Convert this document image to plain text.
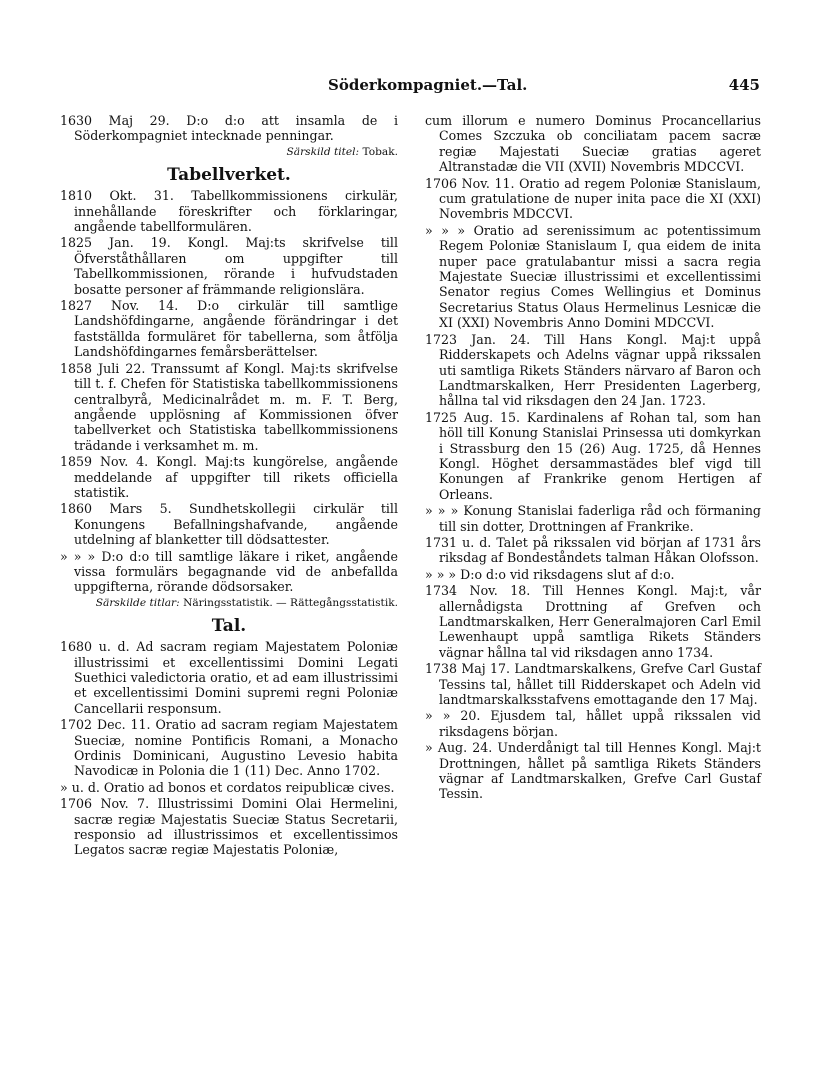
Söderkompagniet.—Tal.	445

1630 Maj 29. D:o d:o att insamla de i Söderkompagniet intecknade penningar.

Särskild titel: Tobak.

Tabellverket.

1810 Okt. 31. Tabellkommissionens cirkulär, innehållande föreskrifter och förklaringar, angående tabellformulären.

1825 Jan. 19. Kongl. Maj:ts skrifvelse till Öfverståthållaren om uppgifter till Tabellkommissionen, rörande i hufvudstaden bosatte personer af främmande religionslära.

1827 Nov. 14. D:o cirkulär till samtlige Landshöfdingarne, angående förändringar i det fastställda formuläret för tabellerna, som åtfölja Landshöfdingarnes femårsberättelser.

1858 Juli 22. Transsumt af Kongl. Maj:ts skrifvelse till t. f. Chefen för Statistiska tabellkommissionens centralbyrå, Medicinalrådet m. m. F. T. Berg, angående upplösning af Kommissionen öfver tabellverket och Statistiska tabellkommissionens trädande i verksamhet m. m.

1859 Nov. 4. Kongl. Maj:ts kungörelse, angående meddelande af uppgifter till rikets officiella statistik.

1860 Mars 5. Sundhetskollegii cirkulär till Konungens Befallningshafvande, angående utdelning af blanketter till dödsattester.

» » » D:o d:o till samtlige läkare i riket, angående vissa formulärs begagnande vid de anbefallda uppgifterna, rörande dödsorsaker.

Särskilde titlar: Näringsstatistik. — Rättegångsstatistik.

Tal.

1680 u. d. Ad sacram regiam Majestatem Poloniæ illustrissimi et excellentissimi Domini Legati Suethici valedictoria oratio, et ad eam illustrissimi et excellentissimi Domini supremi regni Poloniæ Cancellarii responsum.

1702 Dec. 11. Oratio ad sacram regiam Majestatem Sueciæ, nomine Pontificis Romani, a Monacho Ordinis Dominicani, Augustino Levesio habita Navodicæ in Polonia die 1 (11) Dec. Anno 1702.

» u. d. Oratio ad bonos et cordatos reipublicæ cives.

1706 Nov. 7. Illustrissimi Domini Olai Hermelini, sacræ regiæ Majestatis Sueciæ Status Secretarii, responsio ad illustrissimos et excellentissimos Legatos sacræ regiæ Majestatis Poloniæ,

cum illorum e numero Dominus Procancellarius Comes Szczuka ob conciliatam pacem sacræ regiæ Majestati Sueciæ gratias ageret Altranstadæ die VII (XVII) Novembris MDCCVI.

1706 Nov. 11. Oratio ad regem Poloniæ Stanislaum, cum gratulatione de nuper inita pace die XI (XXI) Novembris MDCCVI.

» » » Oratio ad serenissimum ac potentissimum Regem Poloniæ Stanislaum I, qua eidem de inita nuper pace gratulabantur missi a sacra regia Majestate Sueciæ illustrissimi et excellentissimi Senator regius Comes Wellingius et Dominus Secretarius Status Olaus Hermelinus Lesnicæ die XI (XXI) Novembris Anno Domini MDCCVI.

1723 Jan. 24. Till Hans Kongl. Maj:t uppå Ridderskapets och Adelns vägnar uppå rikssalen uti samtliga Rikets Ständers närvaro af Baron och Landtmarskalken, Herr Presidenten Lagerberg, hållna tal vid riksdagen den 24 Jan. 1723.

1725 Aug. 15. Kardinalens af Rohan tal, som han höll till Konung Stanislai Prinsessa uti domkyrkan i Strassburg den 15 (26) Aug. 1725, då Hennes Kongl. Höghet dersammastädes blef vigd till Konungen af Frankrike genom Hertigen af Orleans.

» » » Konung Stanislai faderliga råd och förmaning till sin dotter, Drottningen af Frankrike.

1731 u. d. Talet på rikssalen vid början af 1731 års riksdag af Bondeståndets talman Håkan Olofsson.

» » » D:o d:o vid riksdagens slut af d:o.

1734 Nov. 18. Till Hennes Kongl. Maj:t, vår allernådigsta Drottning af Grefven och Landtmarskalken, Herr Generalmajoren Carl Emil Lewenhaupt uppå samtliga Rikets Ständers vägnar hållna tal vid riksdagen anno 1734.

1738 Maj 17. Landtmarskalkens, Grefve Carl Gustaf Tessins tal, hållet till Ridderskapet och Adeln vid landtmarskalksstafvens emottagande den 17 Maj.

» » 20. Ejusdem tal, hållet uppå rikssalen vid riksdagens början.

» Aug. 24. Underdånigt tal till Hennes Kongl. Maj:t Drottningen, hållet på samtliga Rikets Ständers vägnar af Landtmarskalken, Grefve Carl Gustaf Tessin.
